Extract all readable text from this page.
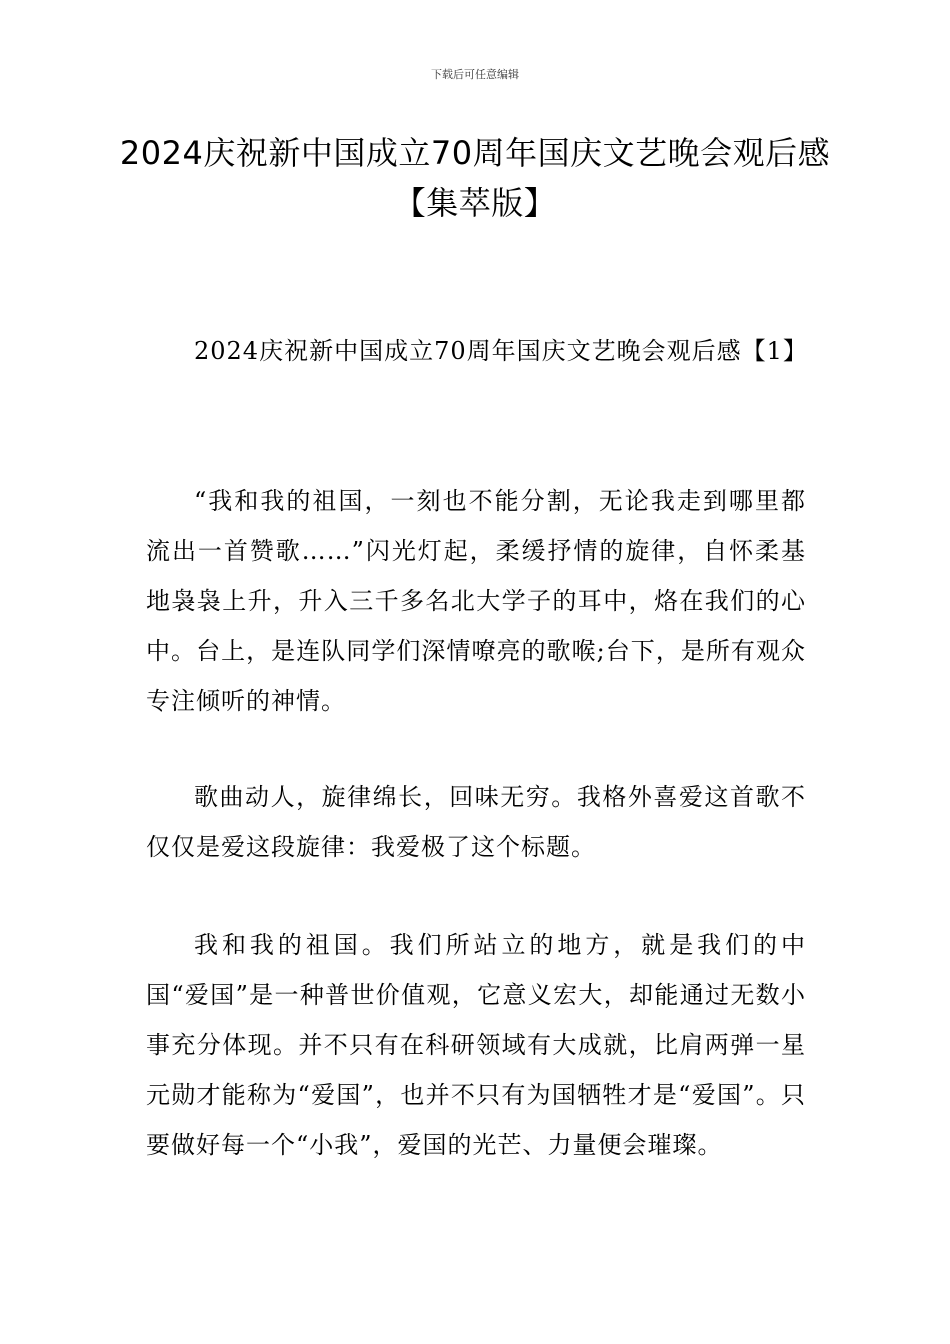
下载后可任意编辑
2024庆祝新中国成立70周年国庆文艺晚会观后感【集萃版】

2024庆祝新中国成立70周年国庆文艺晚会观后感【1】

“我和我的祖国，一刻也不能分割，无论我走到哪里都流出一首赞歌……”闪光灯起，柔缓抒情的旋律，自怀柔基地袅袅上升，升入三千多名北大学子的耳中，烙在我们的心中。台上，是连队同学们深情嘹亮的歌喉;台下，是所有观众专注倾听的神情。

歌曲动人，旋律绵长，回味无穷。我格外喜爱这首歌不仅仅是爱这段旋律：我爱极了这个标题。

我和我的祖国。我们所站立的地方，就是我们的中国“爱国”是一种普世价值观，它意义宏大，却能通过无数小事充分体现。并不只有在科研领域有大成就，比肩两弹一星元勋才能称为“爱国”，也并不只有为国牺牲才是“爱国”。只要做好每一个“小我”，爱国的光芒、力量便会璀璨。
